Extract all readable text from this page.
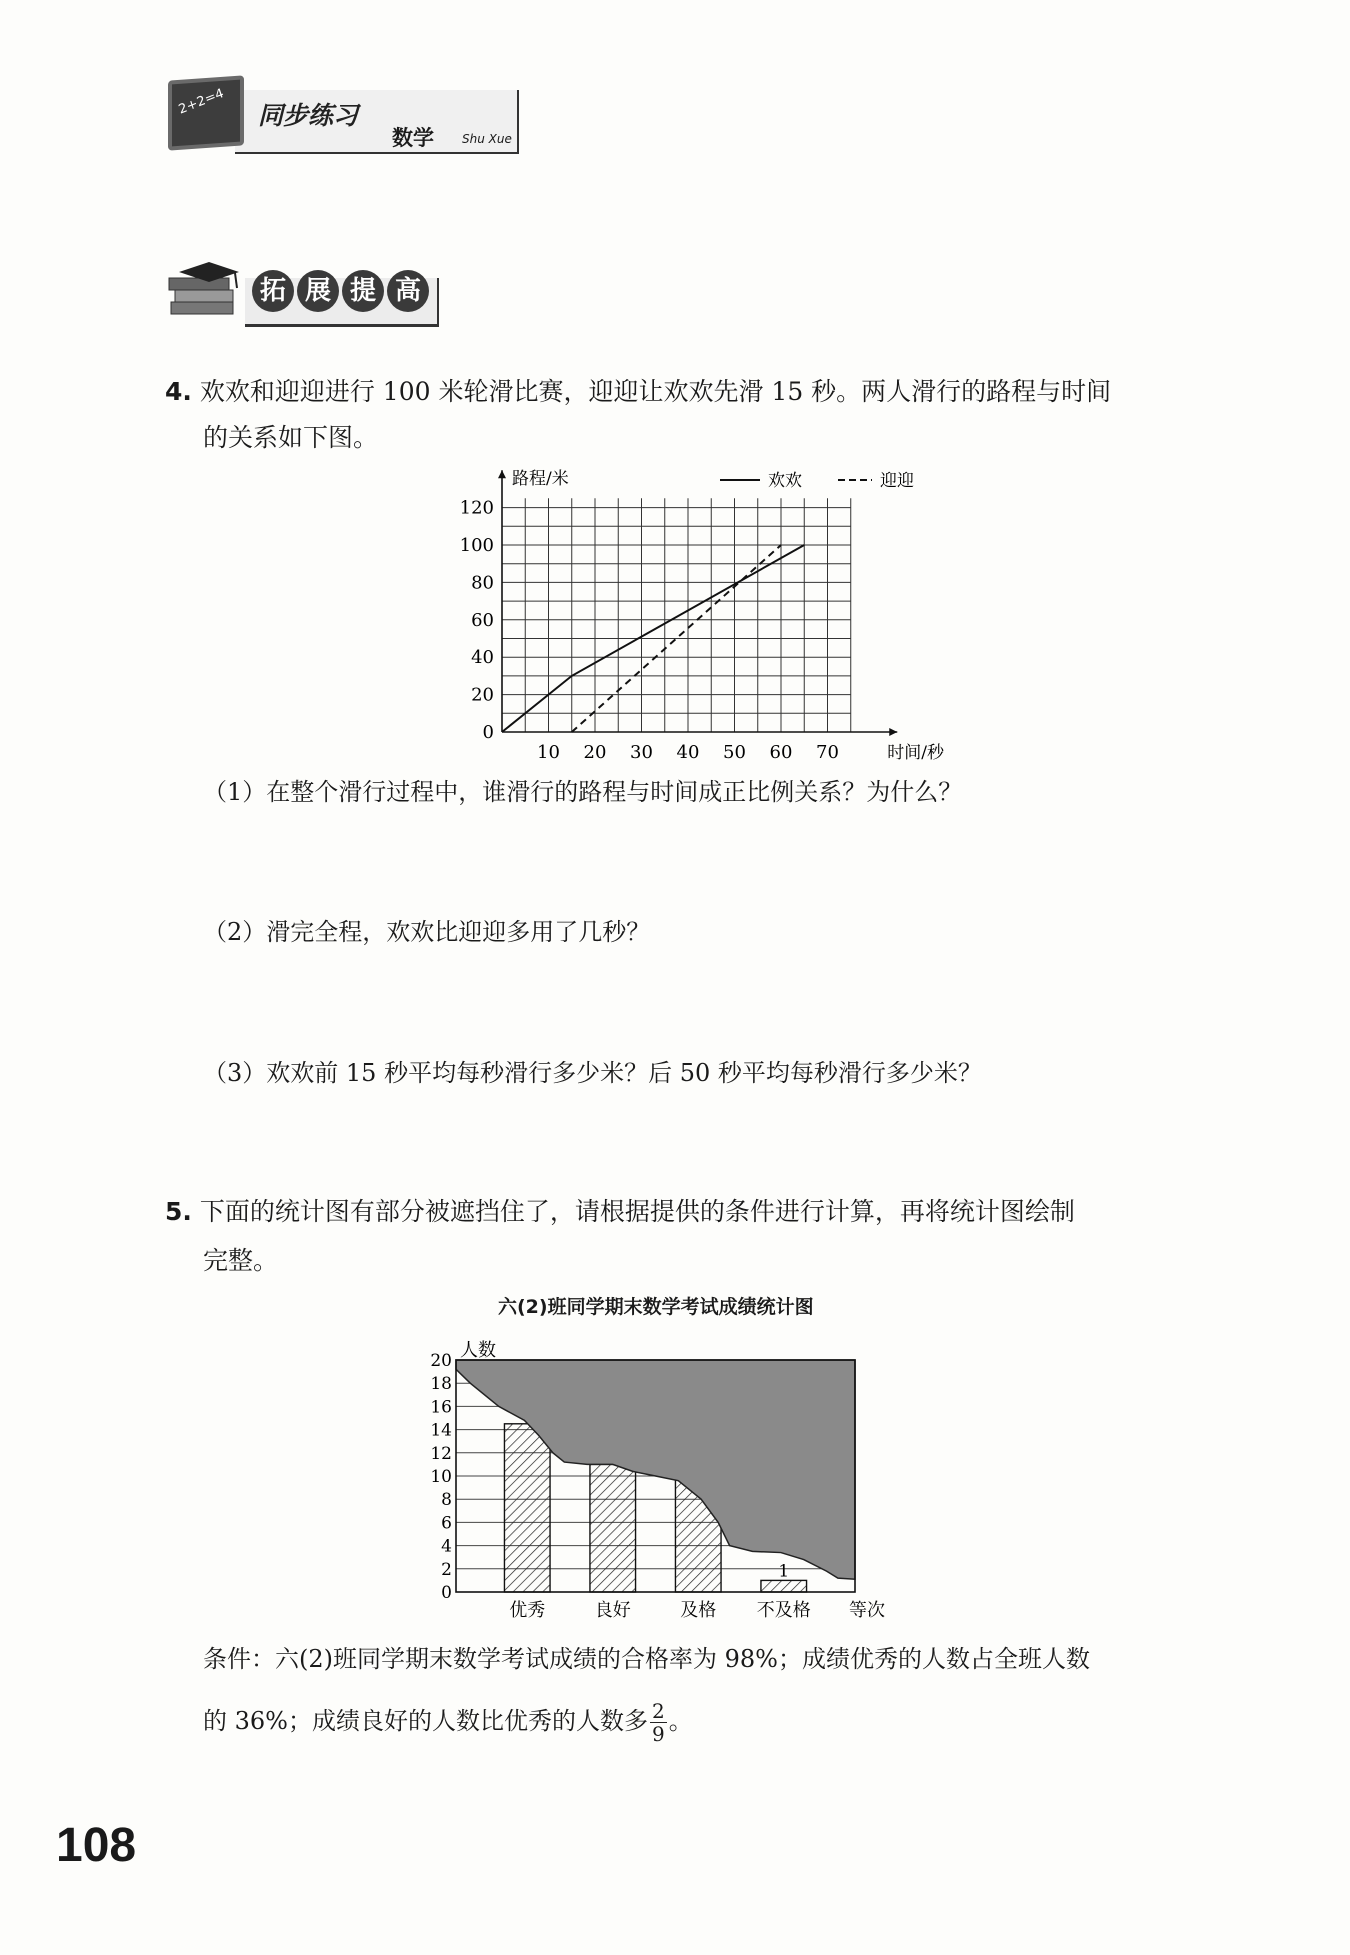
2+2=4 同步练习
数学 Shu Xue
拓 展 提 高
4. 欢欢和迎迎进行 100 米轮滑比赛，迎迎让欢欢先滑 15 秒。两人滑行的路程与时间
的关系如下图。
10 20 30 40 50 60 70
0
20
40
60
80
100
120
路程/米
时间/秒
欢欢	迎迎
（1）在整个滑行过程中，谁滑行的路程与时间成正比例关系？为什么？
（2）滑完全程，欢欢比迎迎多用了几秒？
（3）欢欢前 15 秒平均每秒滑行多少米？后 50 秒平均每秒滑行多少米？
5. 下面的统计图有部分被遮挡住了，请根据提供的条件进行计算，再将统计图绘制
完整。
六(2)班同学期末数学考试成绩统计图
优秀	良好	及格 不及格
1
0
2
4
6
8
10
12
14
16
18
20 人数
等次
条件：六(2)班同学期末数学考试成绩的合格率为 98%；成绩优秀的人数占全班人数
的 36%；成绩良好的人数比优秀的人数多 $\frac{2}{9}$ 。
108
